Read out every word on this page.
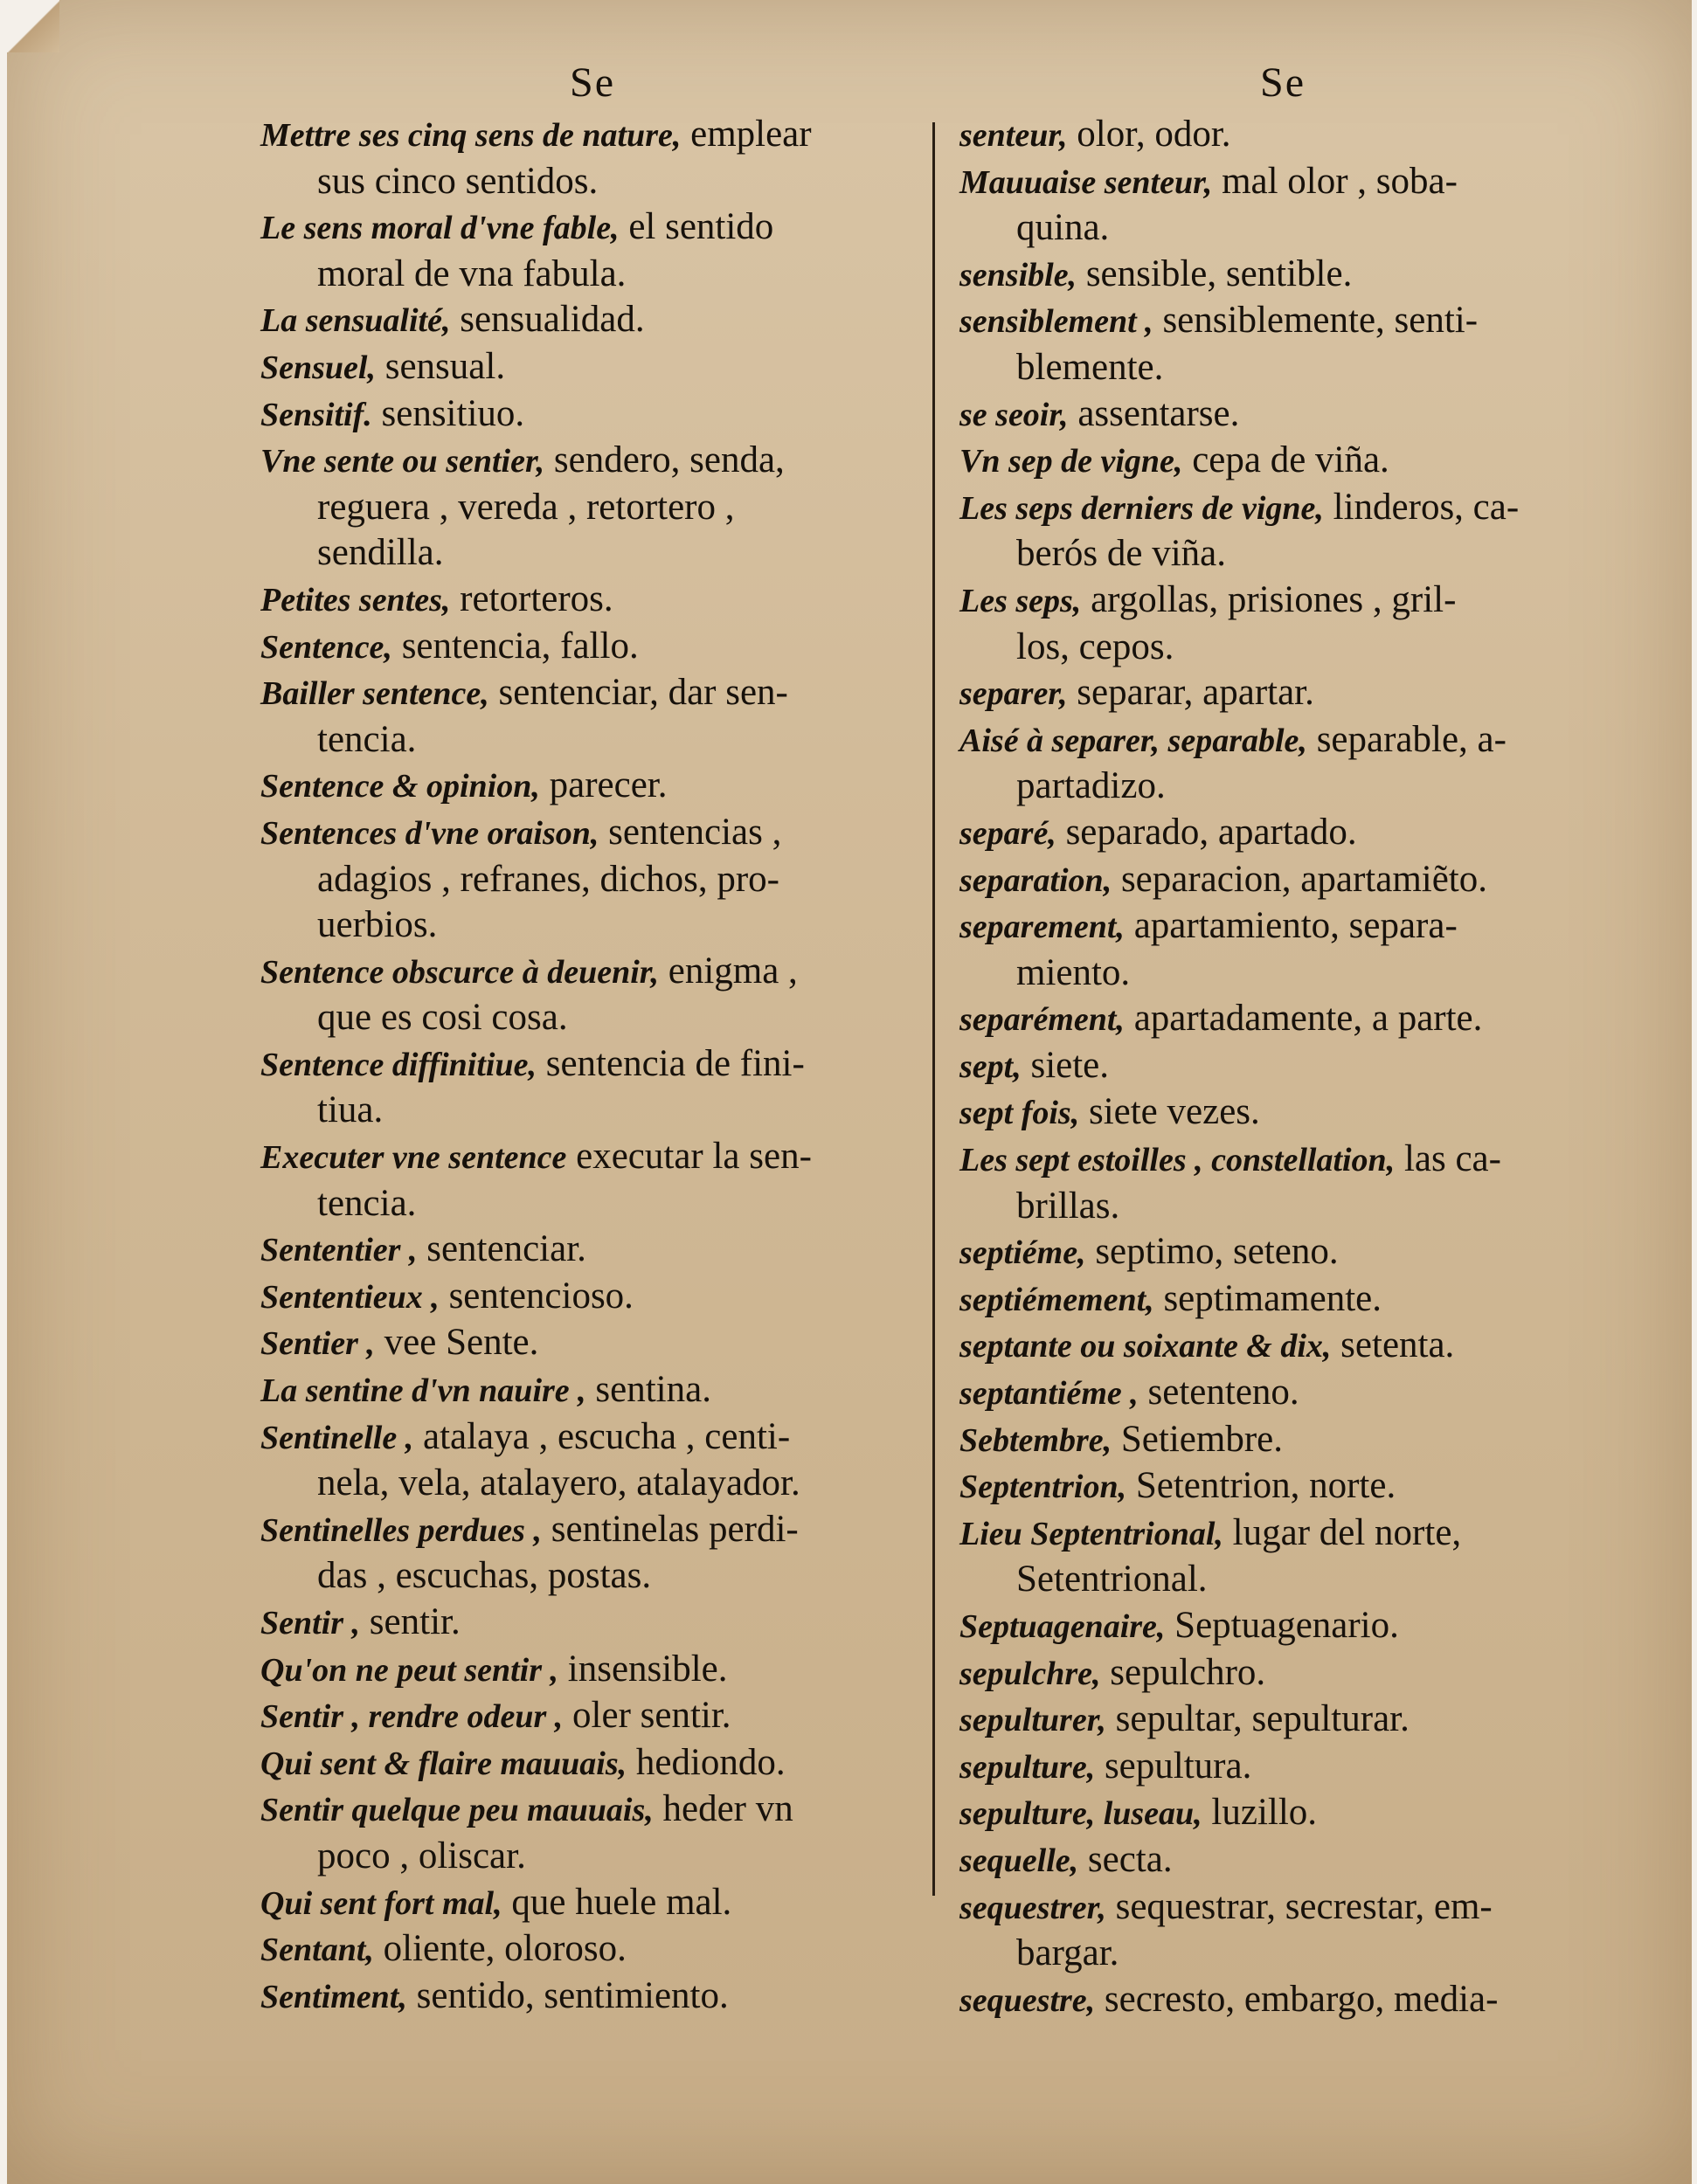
Se
Mettre ses cinq sens de nature, emplear
sus cinco sentidos.
Le sens moral d'vne fable, el sentido
moral de vna fabula.
La sensualité, sensualidad.
Sensuel, sensual.
Sensitif. sensitiuo.
Vne sente ou sentier, sendero, senda,
reguera , vereda , retortero ,
sendilla.
Petites sentes, retorteros.
Sentence, sentencia, fallo.
Bailler sentence, sentenciar, dar sen-
tencia.
Sentence & opinion, parecer.
Sentences d'vne oraison, sentencias ,
adagios , refranes, dichos, pro-
uerbios.
Sentence obscurce à deuenir, enigma ,
que es cosi cosa.
Sentence diffinitiue, sentencia de fini-
tiua.
Executer vne sentence executar la sen-
tencia.
Sententier , sentenciar.
Sententieux , sentencioso.
Sentier , vee Sente.
La sentine d'vn nauire , sentina.
Sentinelle , atalaya , escucha , centi-
nela, vela, atalayero, atalayador.
Sentinelles perdues , sentinelas perdi-
das , escuchas, postas.
Sentir , sentir.
Qu'on ne peut sentir , insensible.
Sentir , rendre odeur , oler sentir.
Qui sent & flaire mauuais, hediondo.
Sentir quelque peu mauuais, heder vn
poco , oliscar.
Qui sent fort mal, que huele mal.
Sentant, oliente, oloroso.
Sentiment, sentido, sentimiento.
Se
senteur, olor, odor.
Mauuaise senteur, mal olor , soba-
quina.
sensible, sensible, sentible.
sensiblement , sensiblemente, senti-
blemente.
se seoir, assentarse.
Vn sep de vigne, cepa de viña.
Les seps derniers de vigne, linderos, ca-
berós de viña.
Les seps, argollas, prisiones , gril-
los, cepos.
separer, separar, apartar.
Aisé à separer, separable, separable, a-
partadizo.
separé, separado, apartado.
separation, separacion, apartamiẽto.
separement, apartamiento, separa-
miento.
separément, apartadamente, a parte.
sept, siete.
sept fois, siete vezes.
Les sept estoilles , constellation, las ca-
brillas.
septiéme, septimo, seteno.
septiémement, septimamente.
septante ou soixante & dix, setenta.
septantiéme , setenteno.
Sebtembre, Setiembre.
Septentrion, Setentrion, norte.
Lieu Septentrional, lugar del norte,
Setentrional.
Septuagenaire, Septuagenario.
sepulchre, sepulchro.
sepulturer, sepultar, sepulturar.
sepulture, sepultura.
sepulture, luseau, luzillo.
sequelle, secta.
sequestrer, sequestrar, secrestar, em-
bargar.
sequestre, secresto, embargo, media-
